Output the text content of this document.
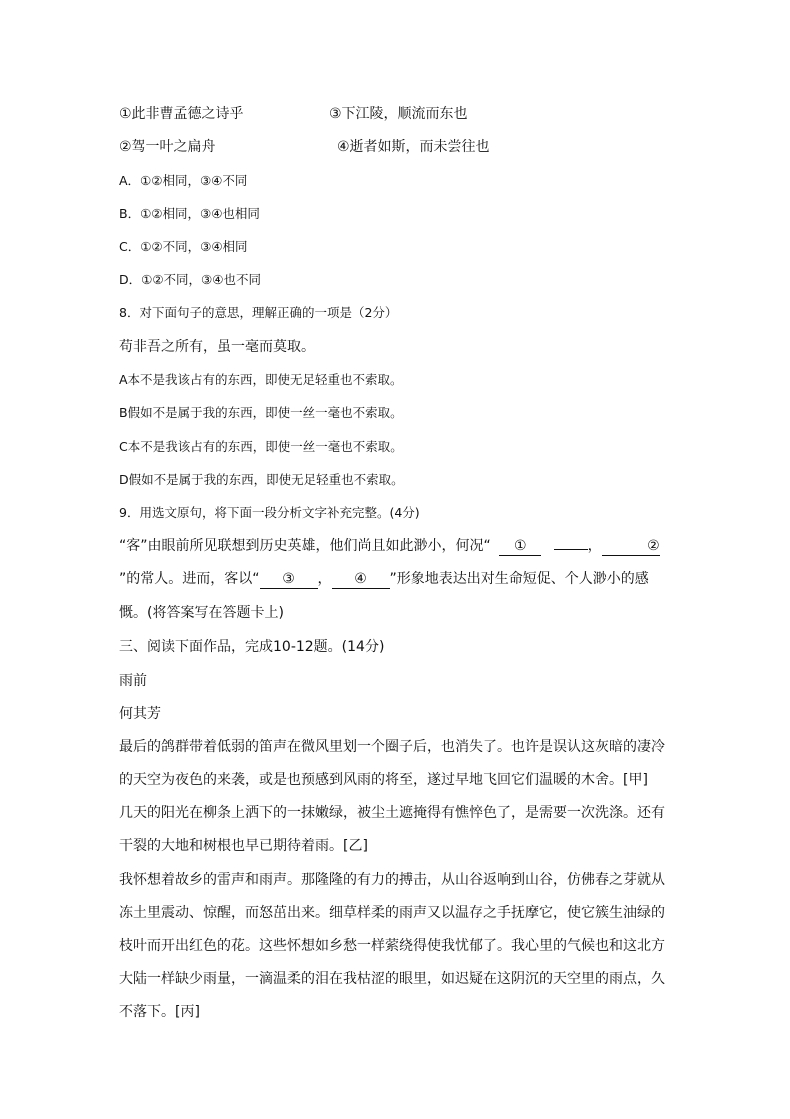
①此非曹孟德之诗乎	③下江陵，顺流而东也
②驾一叶之扁舟	④逝者如斯，而未尝往也
A．①②相同，③④不同
B．①②相同，③④也相同
C．①②不同，③④相同
D．①②不同，③④也不同
8．对下面句子的意思，理解正确的一项是（2分）
苟非吾之所有，虽一毫而莫取。
A本不是我该占有的东西，即使无足轻重也不索取。
B假如不是属于我的东西，即使一丝一毫也不索取。
C本不是我该占有的东西，即使一丝一毫也不索取。
D假如不是属于我的东西，即使无足轻重也不索取。
9．用选文原句，将下面一段分析文字补充完整。(4分)
“客”由眼前所见联想到历史英雄，他们尚且如此渺小，何况“ ①	，	②
”的常人。进而，客以“ ③ ， ④ ”形象地表达出对生命短促、个人渺小的感
慨。(将答案写在答题卡上)
三、阅读下面作品，完成10-12题。(14分)
雨前
何其芳
最后的鸽群带着低弱的笛声在微风里划一个圈子后，也消失了。也许是误认这灰暗的凄冷
的天空为夜色的来袭，或是也预感到风雨的将至，遂过早地飞回它们温暖的木舍。[甲]
几天的阳光在柳条上洒下的一抹嫩绿，被尘土遮掩得有憔悴色了，是需要一次洗涤。还有
干裂的大地和树根也早已期待着雨。[乙]
我怀想着故乡的雷声和雨声。那隆隆的有力的搏击，从山谷返响到山谷，仿佛春之芽就从
冻土里震动、惊醒，而怒茁出来。细草样柔的雨声又以温存之手抚摩它，使它簇生油绿的
枝叶而开出红色的花。这些怀想如乡愁一样萦绕得使我忧郁了。我心里的气候也和这北方
大陆一样缺少雨量，一滴温柔的泪在我枯涩的眼里，如迟疑在这阴沉的天空里的雨点，久
不落下。[丙]
